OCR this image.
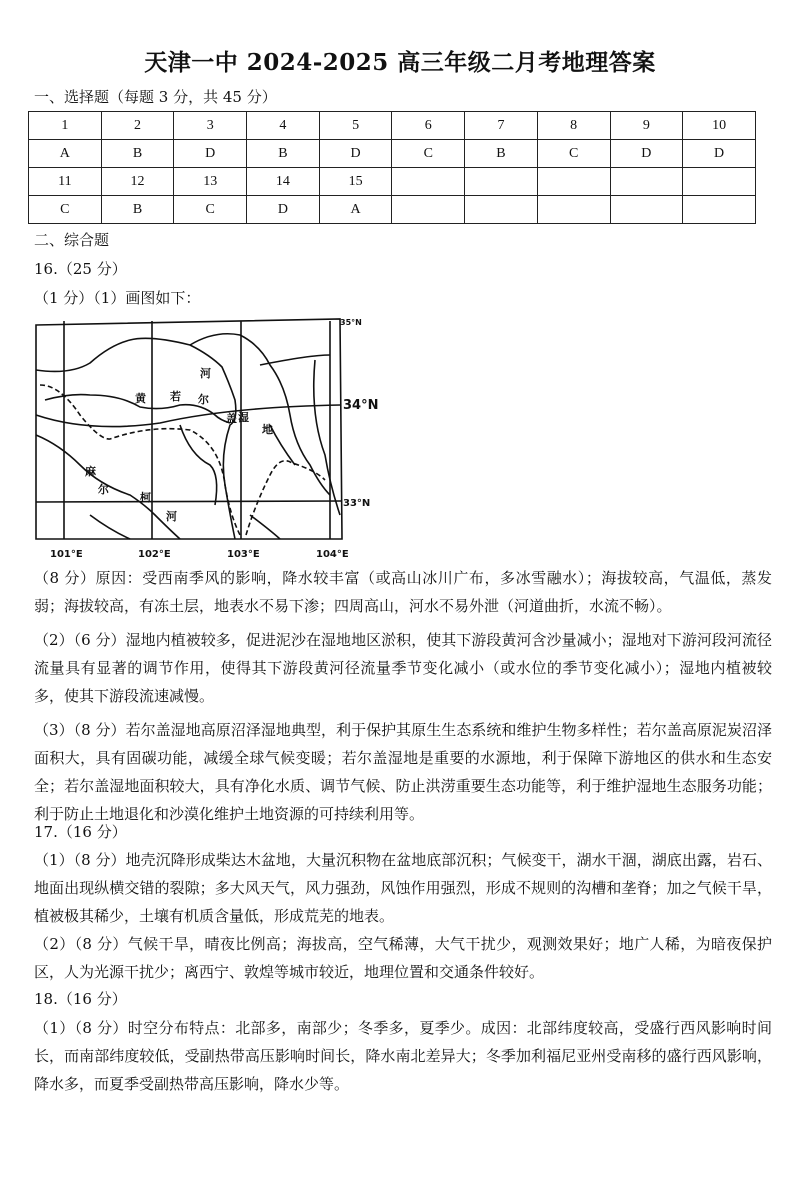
天津一中 2024-2025 高三年级二月考地理答案
一、选择题（每题 3 分，共 45 分）
1	2	3	4	5	6	7	8	9	10
A	B	D	B	D	C	B	C	D	D
11	12	13	14	15					
C	B	C	D	A					
二、综合题
16.（25 分）
（1 分）（1）画图如下：
35°N
34°N
33°N
101°E	102°E	103°E	104°E
黄
河
若 尔
盖 湿
地
麻
尔
柯
河
（8 分）原因：受西南季风的影响，降水较丰富（或高山冰川广布，多冰雪融水）；海拔较高，气温低，蒸发弱；海拔较高，有冻土层，地表水不易下渗；四周高山，河水不易外泄（河道曲折，水流不畅）。
（2）（6 分）湿地内植被较多，促进泥沙在湿地地区淤积，使其下游段黄河含沙量减小；湿地对下游河段河流径流量具有显著的调节作用，使得其下游段黄河径流量季节变化减小（或水位的季节变化减小）；湿地内植被较多，使其下游段流速减慢。
（3）（8 分）若尔盖湿地高原沼泽湿地典型，利于保护其原生生态系统和维护生物多样性；若尔盖高原泥炭沼泽面积大，具有固碳功能，减缓全球气候变暖；若尔盖湿地是重要的水源地，利于保障下游地区的供水和生态安全；若尔盖湿地面积较大，具有净化水质、调节气候、防止洪涝重要生态功能等，利于维护湿地生态服务功能；利于防止土地退化和沙漠化维护土地资源的可持续利用等。
17.（16 分）
（1）（8 分）地壳沉降形成柴达木盆地，大量沉积物在盆地底部沉积；气候变干，湖水干涸，湖底出露，岩石、地面出现纵横交错的裂隙；多大风天气，风力强劲，风蚀作用强烈，形成不规则的沟槽和垄脊；加之气候干旱，植被极其稀少，土壤有机质含量低，形成荒芜的地表。
（2）（8 分）气候干旱，晴夜比例高；海拔高，空气稀薄，大气干扰少，观测效果好；地广人稀，为暗夜保护区，人为光源干扰少；离西宁、敦煌等城市较近，地理位置和交通条件较好。
18.（16 分）
（1）（8 分）时空分布特点：北部多，南部少；冬季多，夏季少。成因：北部纬度较高，受盛行西风影响时间长，而南部纬度较低，受副热带高压影响时间长，降水南北差异大；冬季加利福尼亚州受南移的盛行西风影响，降水多，而夏季受副热带高压影响，降水少等。
